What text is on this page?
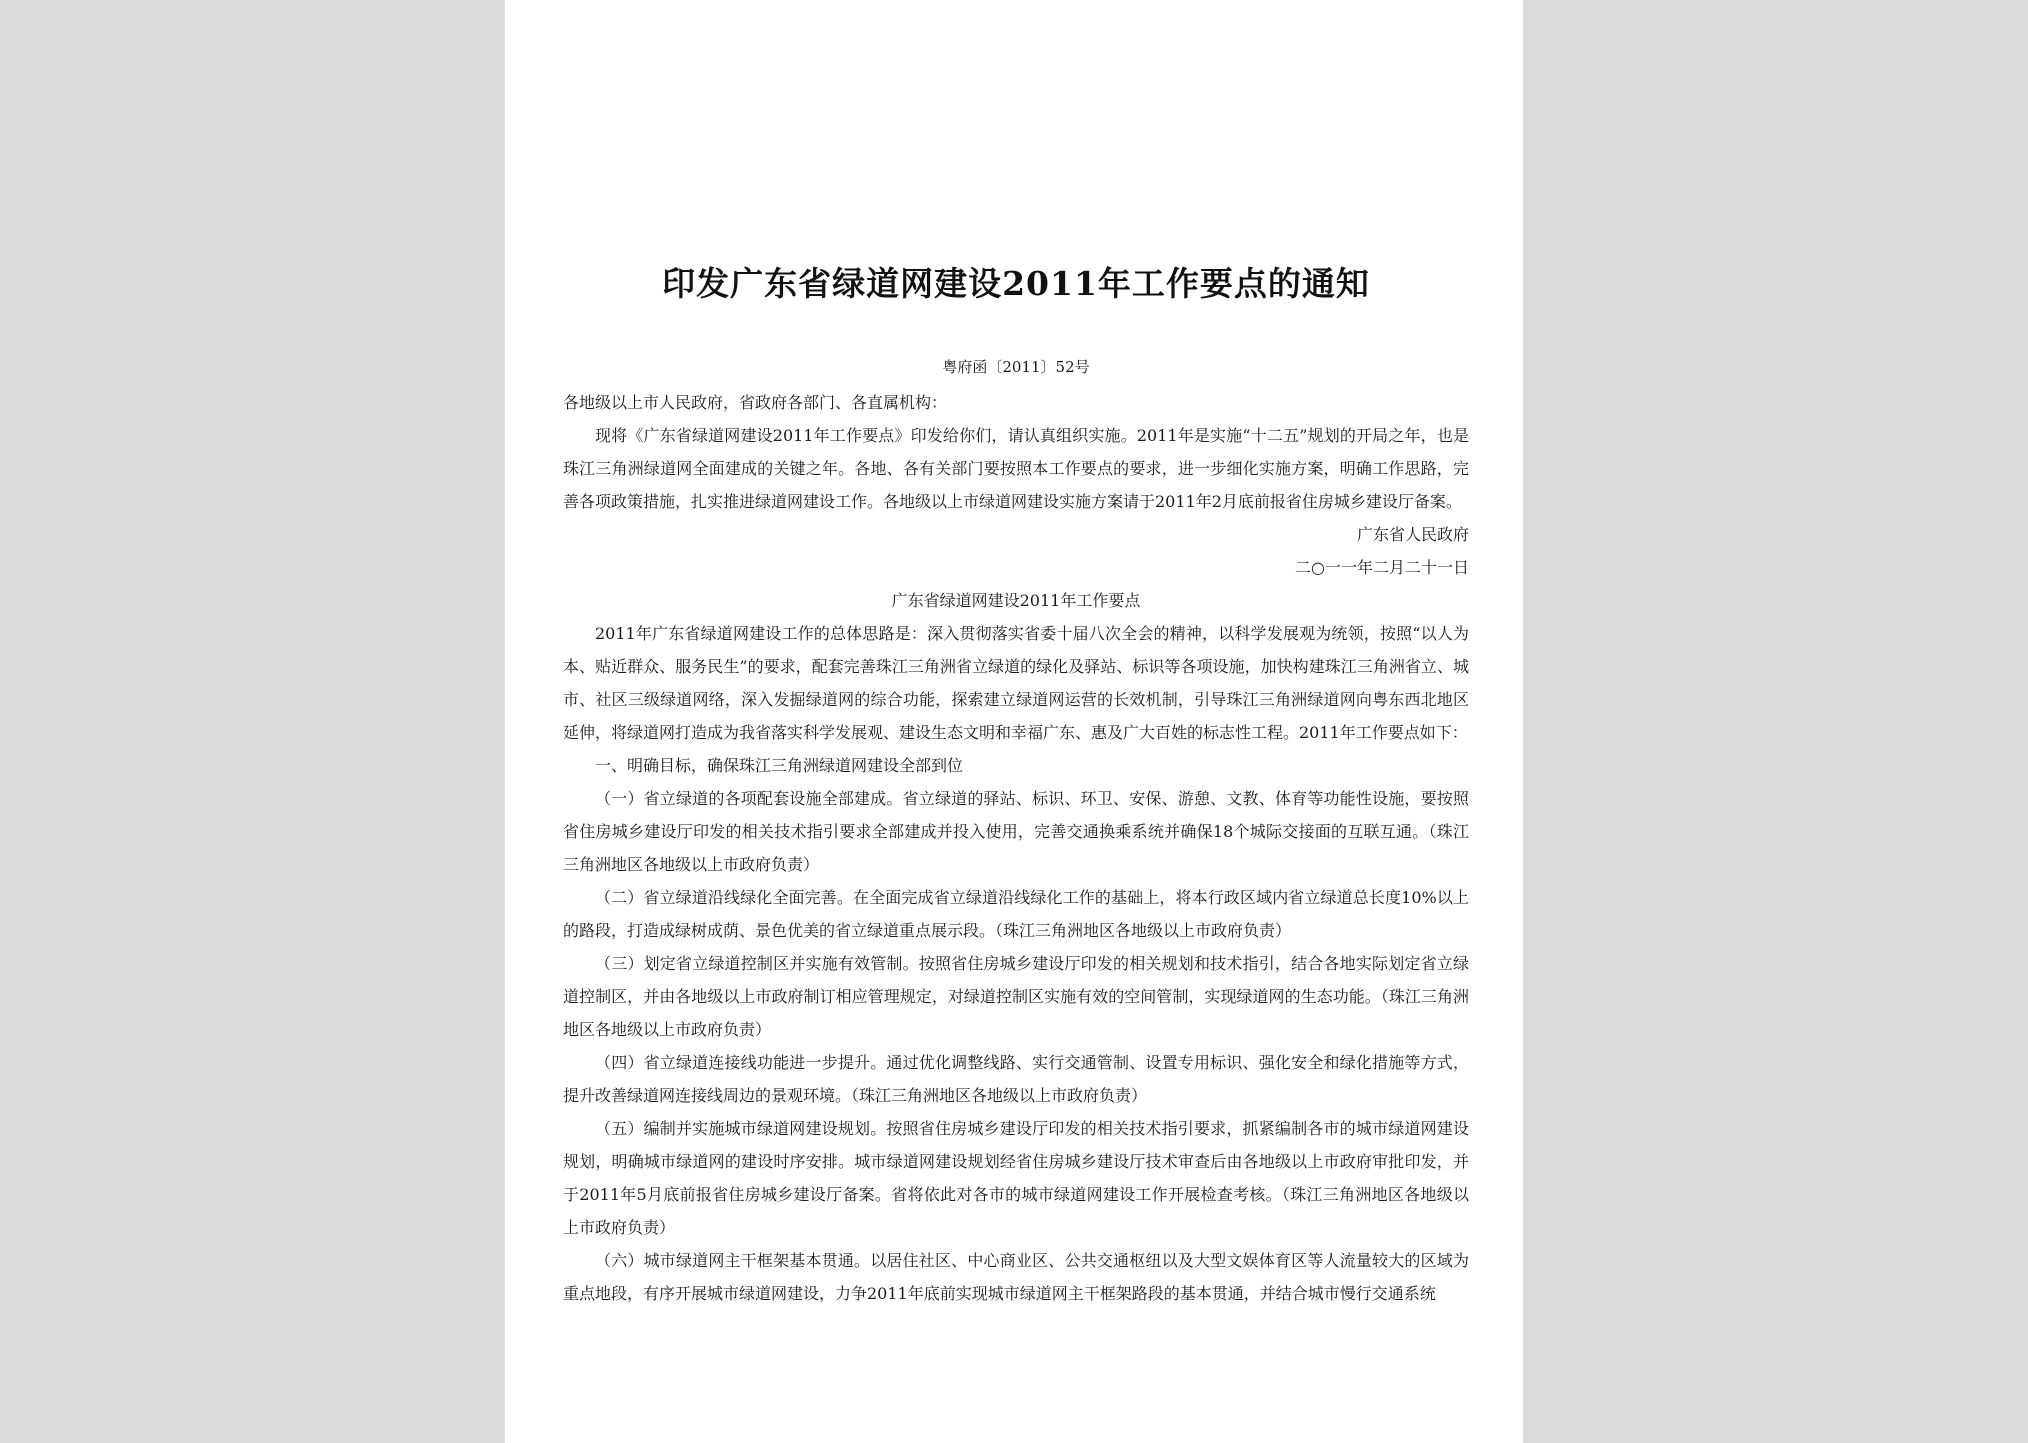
印发广东省绿道网建设2011年工作要点的通知

粤府函〔2011〕52号

各地级以上市人民政府，省政府各部门、各直属机构：

现将《广东省绿道网建设2011年工作要点》印发给你们，请认真组织实施。2011年是实施“十二五”规划的开局之年，也是珠江三角洲绿道网全面建成的关键之年。各地、各有关部门要按照本工作要点的要求，进一步细化实施方案，明确工作思路，完善各项政策措施，扎实推进绿道网建设工作。各地级以上市绿道网建设实施方案请于2011年2月底前报省住房城乡建设厅备案。

广东省人民政府

二○一一年二月二十一日

广东省绿道网建设2011年工作要点

2011年广东省绿道网建设工作的总体思路是：深入贯彻落实省委十届八次全会的精神，以科学发展观为统领，按照“以人为本、贴近群众、服务民生”的要求，配套完善珠江三角洲省立绿道的绿化及驿站、标识等各项设施，加快构建珠江三角洲省立、城市、社区三级绿道网络，深入发掘绿道网的综合功能，探索建立绿道网运营的长效机制，引导珠江三角洲绿道网向粤东西北地区延伸，将绿道网打造成为我省落实科学发展观、建设生态文明和幸福广东、惠及广大百姓的标志性工程。2011年工作要点如下：

一、明确目标，确保珠江三角洲绿道网建设全部到位

（一）省立绿道的各项配套设施全部建成。省立绿道的驿站、标识、环卫、安保、游憩、文教、体育等功能性设施，要按照省住房城乡建设厅印发的相关技术指引要求全部建成并投入使用，完善交通换乘系统并确保18个城际交接面的互联互通。（珠江三角洲地区各地级以上市政府负责）

（二）省立绿道沿线绿化全面完善。在全面完成省立绿道沿线绿化工作的基础上，将本行政区域内省立绿道总长度10%以上的路段，打造成绿树成荫、景色优美的省立绿道重点展示段。（珠江三角洲地区各地级以上市政府负责）

（三）划定省立绿道控制区并实施有效管制。按照省住房城乡建设厅印发的相关规划和技术指引，结合各地实际划定省立绿道控制区，并由各地级以上市政府制订相应管理规定，对绿道控制区实施有效的空间管制，实现绿道网的生态功能。（珠江三角洲地区各地级以上市政府负责）

（四）省立绿道连接线功能进一步提升。通过优化调整线路、实行交通管制、设置专用标识、强化安全和绿化措施等方式，提升改善绿道网连接线周边的景观环境。（珠江三角洲地区各地级以上市政府负责）

（五）编制并实施城市绿道网建设规划。按照省住房城乡建设厅印发的相关技术指引要求，抓紧编制各市的城市绿道网建设规划，明确城市绿道网的建设时序安排。城市绿道网建设规划经省住房城乡建设厅技术审查后由各地级以上市政府审批印发，并于2011年5月底前报省住房城乡建设厅备案。省将依此对各市的城市绿道网建设工作开展检查考核。（珠江三角洲地区各地级以上市政府负责）

（六）城市绿道网主干框架基本贯通。以居住社区、中心商业区、公共交通枢纽以及大型文娱体育区等人流量较大的区域为重点地段，有序开展城市绿道网建设，力争2011年底前实现城市绿道网主干框架路段的基本贯通，并结合城市慢行交通系统
